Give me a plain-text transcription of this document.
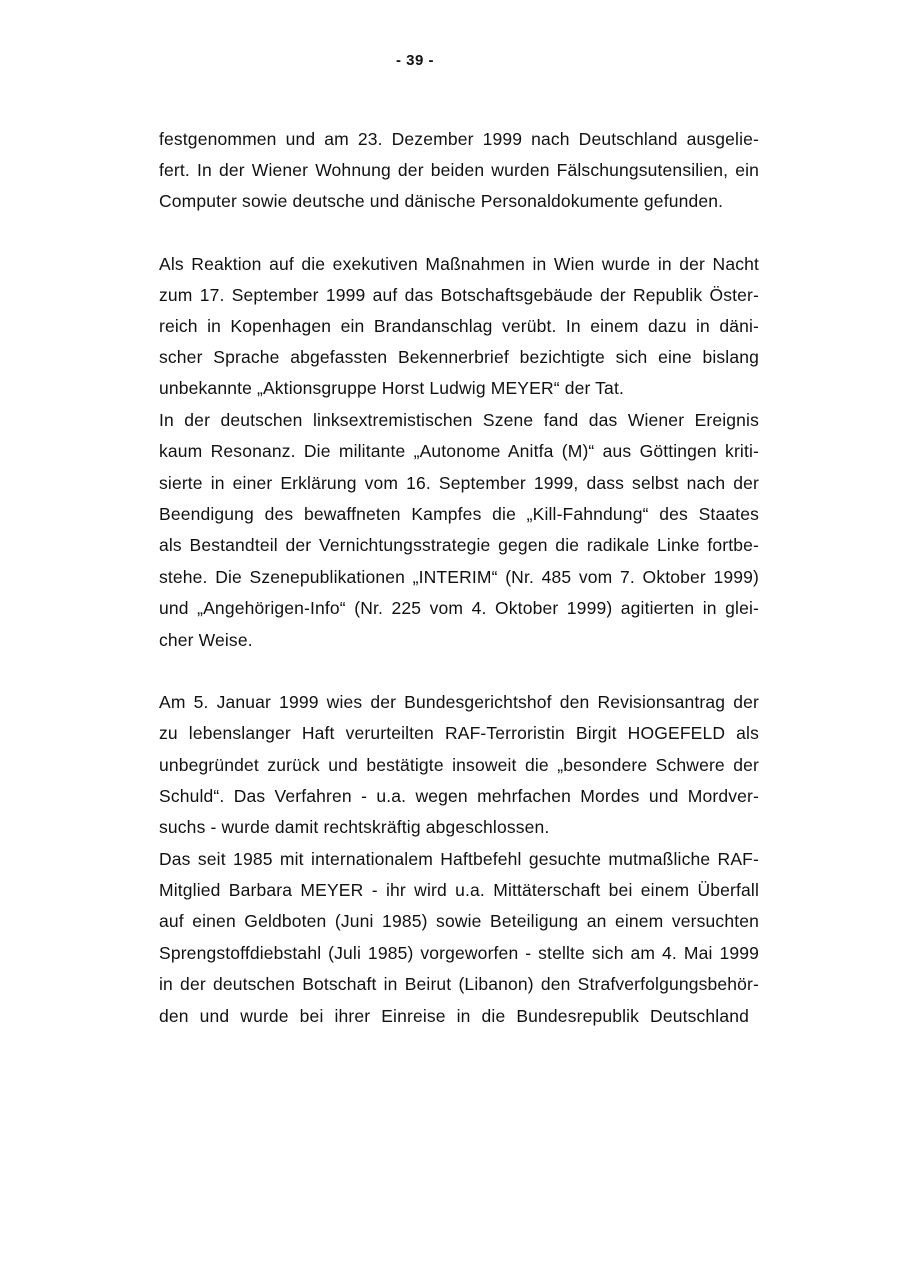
- 39 -
festgenommen und am 23. Dezember 1999 nach Deutschland ausgelie-
fert. In der Wiener Wohnung der beiden wurden Fälschungsutensilien, ein
Computer sowie deutsche und dänische Personaldokumente gefunden.
Als Reaktion auf die exekutiven Maßnahmen in Wien wurde in der Nacht
zum 17. September 1999 auf das Botschaftsgebäude der Republik Öster-
reich in Kopenhagen ein Brandanschlag verübt. In einem dazu in däni-
scher Sprache abgefassten Bekennerbrief bezichtigte sich eine bislang
unbekannte „Aktionsgruppe Horst Ludwig MEYER“ der Tat.
In der deutschen linksextremistischen Szene fand das Wiener Ereignis
kaum Resonanz. Die militante „Autonome Anitfa (M)“ aus Göttingen kriti-
sierte in einer Erklärung vom 16. September 1999, dass selbst nach der
Beendigung des bewaffneten Kampfes die „Kill-Fahndung“ des Staates
als Bestandteil der Vernichtungsstrategie gegen die radikale Linke fortbe-
stehe. Die Szenepublikationen „INTERIM“ (Nr. 485 vom 7. Oktober 1999)
und „Angehörigen-Info“ (Nr. 225 vom 4. Oktober 1999) agitierten in glei-
cher Weise.
Am 5. Januar 1999 wies der Bundesgerichtshof den Revisionsantrag der
zu lebenslanger Haft verurteilten RAF-Terroristin Birgit HOGEFELD als
unbegründet zurück und bestätigte insoweit die „besondere Schwere der
Schuld“. Das Verfahren - u.a. wegen mehrfachen Mordes und Mordver-
suchs - wurde damit rechtskräftig abgeschlossen.
Das seit 1985 mit internationalem Haftbefehl gesuchte mutmaßliche RAF-
Mitglied Barbara MEYER - ihr wird u.a. Mittäterschaft bei einem Überfall
auf einen Geldboten (Juni 1985) sowie Beteiligung an einem versuchten
Sprengstoffdiebstahl (Juli 1985) vorgeworfen - stellte sich am 4. Mai 1999
in der deutschen Botschaft in Beirut (Libanon) den Strafverfolgungsbehör-
den und wurde bei ihrer Einreise in die Bundesrepublik Deutschland
